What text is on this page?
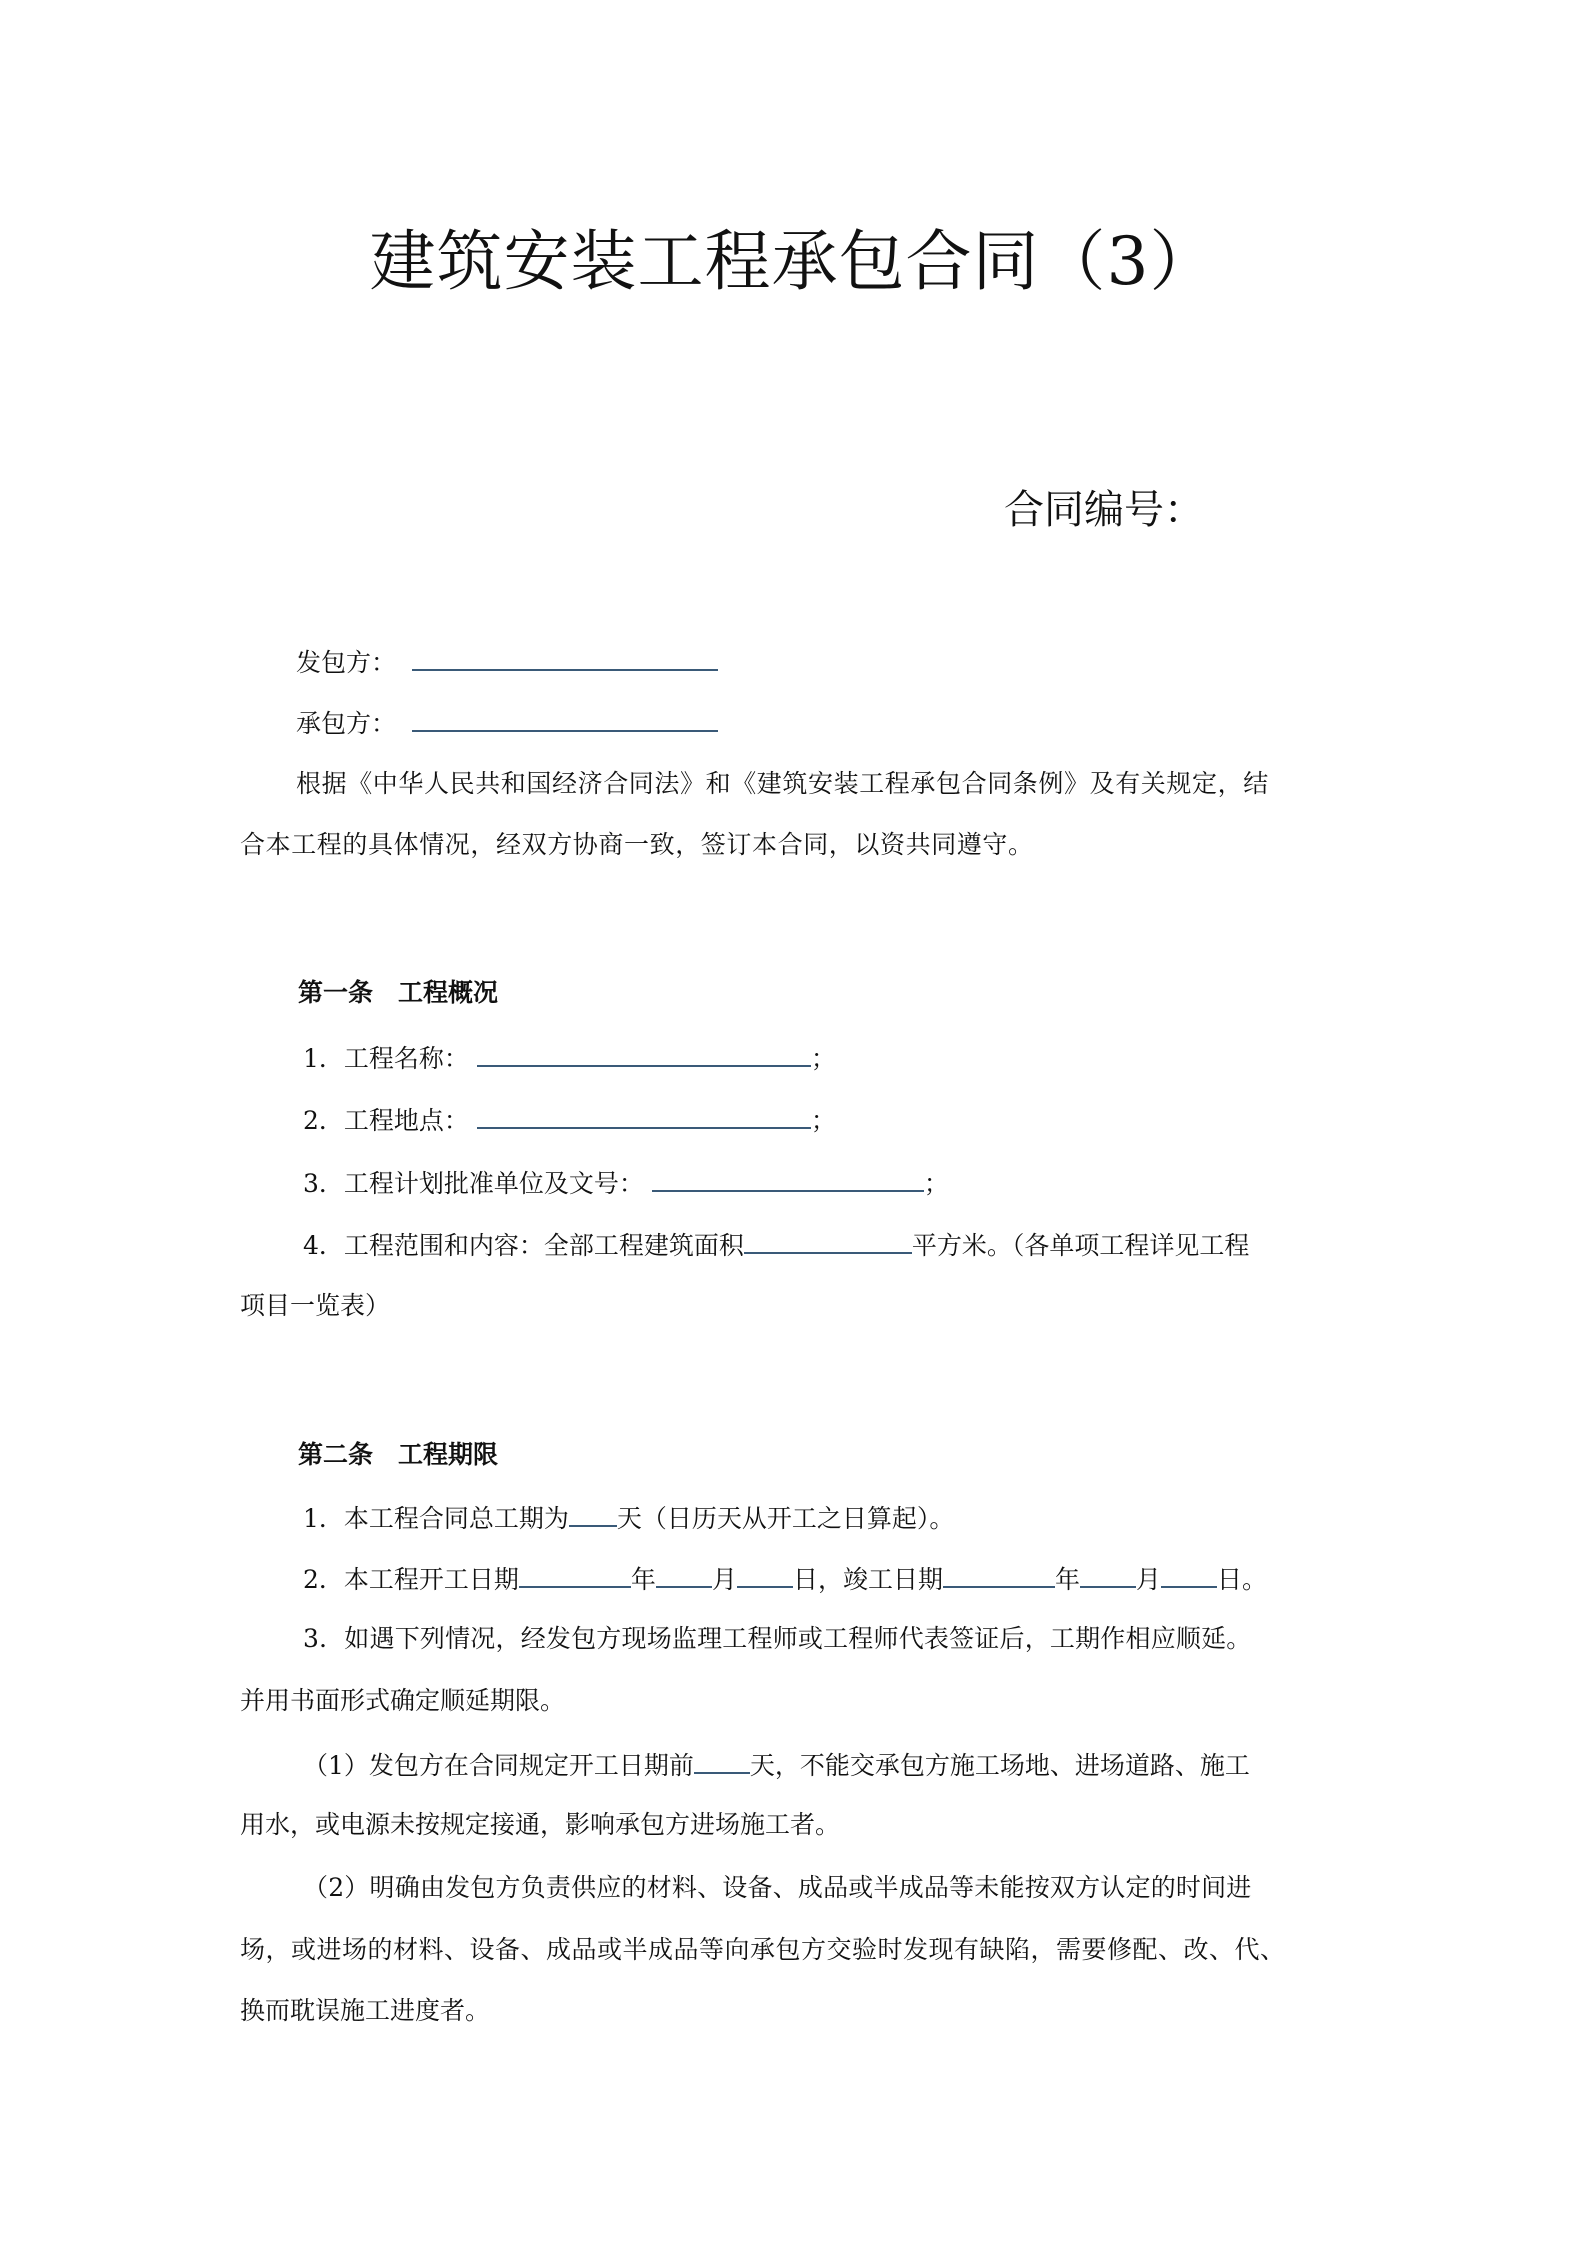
建筑安装工程承包合同（3）
合同编号：
发包方：
承包方：
根据《中华人民共和国经济合同法》和《建筑安装工程承包合同条例》及有关规定，结
合本工程的具体情况，经双方协商一致，签订本合同，以资共同遵守。
第一条　工程概况
1．工程名称：	；
2．工程地点：	；
3．工程计划批准单位及文号：	；
4．工程范围和内容：全部工程建筑面积	平方米。（各单项工程详见工程
项目一览表）
第二条　工程期限
1．本工程合同总工期为 天（日历天从开工之日算起）。
2．本工程开工日期	年 月 日，竣工日期	年 月 日。
3．如遇下列情况，经发包方现场监理工程师或工程师代表签证后，工期作相应顺延。
并用书面形式确定顺延期限。
（1）发包方在合同规定开工日期前 天，不能交承包方施工场地、进场道路、施工
用水，或电源未按规定接通，影响承包方进场施工者。
（2）明确由发包方负责供应的材料、设备、成品或半成品等未能按双方认定的时间进
场，或进场的材料、设备、成品或半成品等向承包方交验时发现有缺陷，需要修配、改、代、
换而耽误施工进度者。
